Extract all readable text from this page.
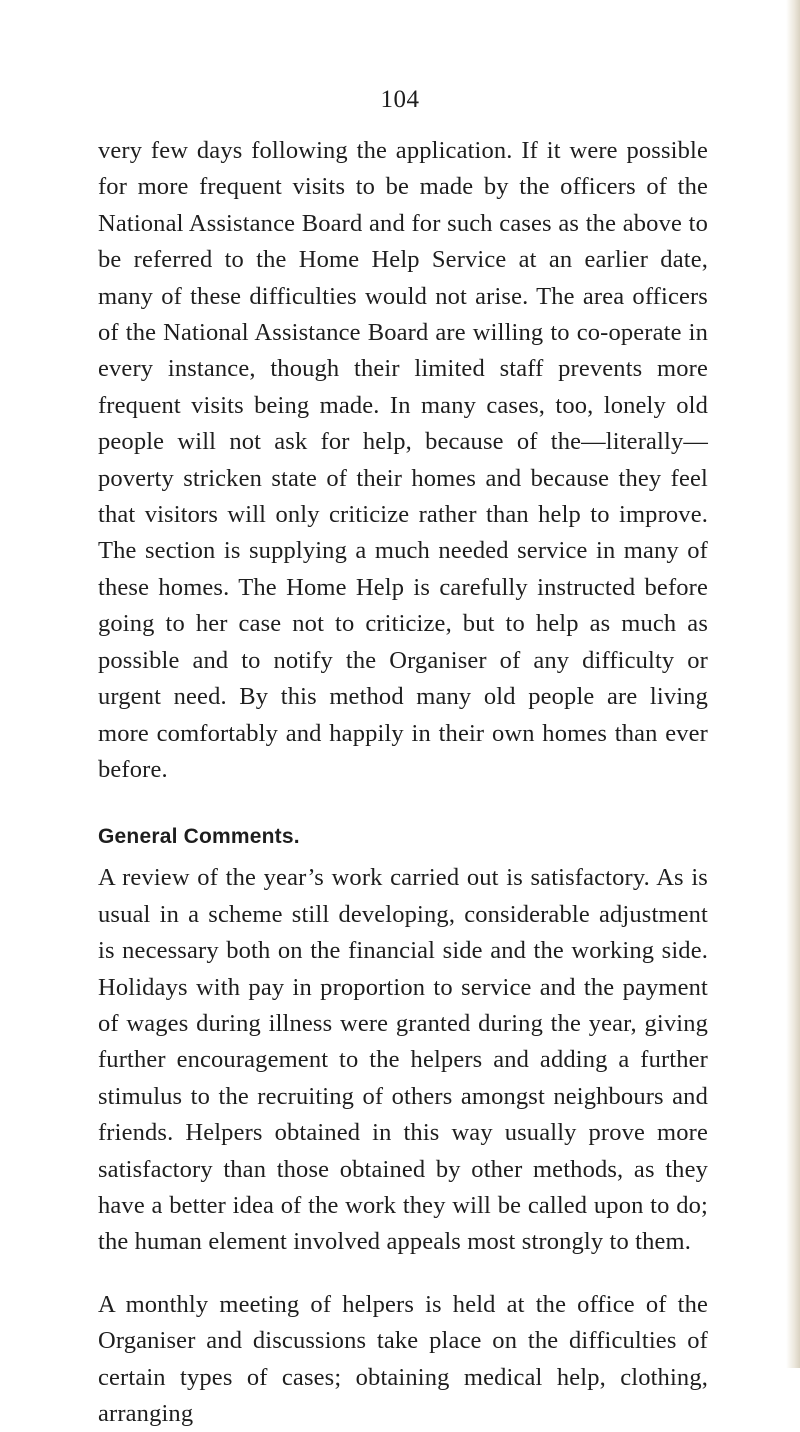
104

very few days following the application. If it were possible for more frequent visits to be made by the officers of the National Assistance Board and for such cases as the above to be referred to the Home Help Service at an earlier date, many of these difficulties would not arise. The area officers of the National Assistance Board are willing to co-operate in every instance, though their limited staff prevents more frequent visits being made. In many cases, too, lonely old people will not ask for help, because of the—literally—poverty stricken state of their homes and because they feel that visitors will only criticize rather than help to improve. The section is supplying a much needed service in many of these homes. The Home Help is carefully instructed before going to her case not to criticize, but to help as much as possible and to notify the Organiser of any difficulty or urgent need. By this method many old people are living more comfortably and happily in their own homes than ever before.

General Comments.

A review of the year’s work carried out is satisfactory. As is usual in a scheme still developing, considerable adjustment is necessary both on the financial side and the working side. Holidays with pay in proportion to service and the payment of wages during illness were granted during the year, giving further encouragement to the helpers and adding a further stimulus to the recruiting of others amongst neighbours and friends. Helpers obtained in this way usually prove more satisfactory than those obtained by other methods, as they have a better idea of the work they will be called upon to do; the human element involved appeals most strongly to them.

A monthly meeting of helpers is held at the office of the Organiser and discussions take place on the difficulties of certain types of cases; obtaining medical help, clothing, arranging
